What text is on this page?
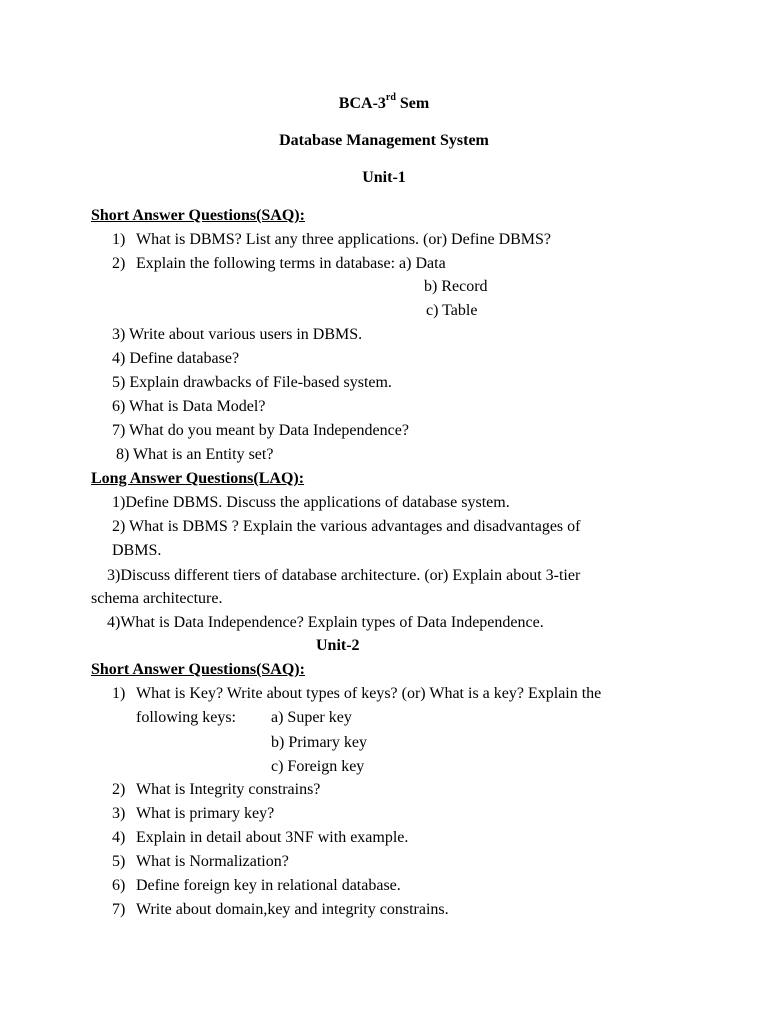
BCA-3rd Sem
Database Management System
Unit-1
Short Answer Questions(SAQ):
1) What is DBMS? List any three applications. (or) Define DBMS?
2) Explain the following terms in database: a) Data
b) Record
c) Table
3) Write about various users in DBMS.
4) Define database?
5) Explain drawbacks of File-based system.
6) What is Data Model?
7) What do you meant by Data Independence?
8) What is an Entity set?
Long Answer Questions(LAQ):
1)Define DBMS. Discuss the applications of database system.
2) What is DBMS ? Explain the various advantages and disadvantages of
DBMS.
3)Discuss different tiers of database architecture. (or) Explain about 3-tier
schema architecture.
4)What is Data Independence? Explain types of Data Independence.
Unit-2
Short Answer Questions(SAQ):
1) What is Key? Write about types of keys? (or) What is a key? Explain the
following keys: a) Super key
b) Primary key
c) Foreign key
2) What is Integrity constrains?
3) What is primary key?
4) Explain in detail about 3NF with example.
5) What is Normalization?
6) Define foreign key in relational database.
7) Write about domain,key and integrity constrains.
